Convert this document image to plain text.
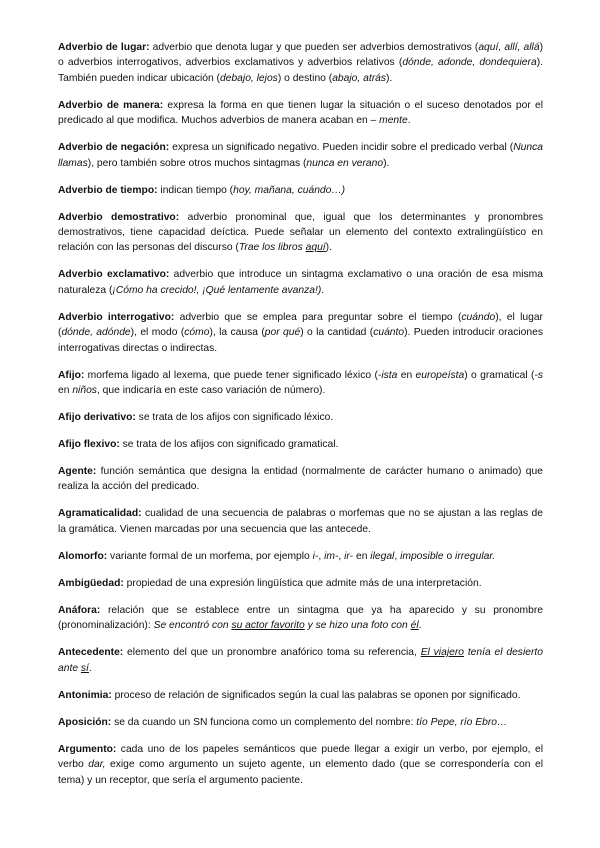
Adverbio de lugar: adverbio que denota lugar y que pueden ser adverbios demostrativos (aquí, allí, allá) o adverbios interrogativos, adverbios exclamativos y adverbios relativos (dónde, adonde, dondequiera). También pueden indicar ubicación (debajo, lejos) o destino (abajo, atrás).

Adverbio de manera: expresa la forma en que tienen lugar la situación o el suceso denotados por el predicado al que modifica. Muchos adverbios de manera acaban en – mente.

Adverbio de negación: expresa un significado negativo. Pueden incidir sobre el predicado verbal (Nunca llamas), pero también sobre otros muchos sintagmas (nunca en verano).

Adverbio de tiempo: indican tiempo (hoy, mañana, cuándo…)

Adverbio demostrativo: adverbio pronominal que, igual que los determinantes y pronombres demostrativos, tiene capacidad deíctica. Puede señalar un elemento del contexto extralingüístico en relación con las personas del discurso (Trae los libros aquí).

Adverbio exclamativo: adverbio que introduce un sintagma exclamativo o una oración de esa misma naturaleza (¡Cómo ha crecido!, ¡Qué lentamente avanza!).

Adverbio interrogativo: adverbio que se emplea para preguntar sobre el tiempo (cuándo), el lugar (dónde, adónde), el modo (cómo), la causa (por qué) o la cantidad (cuánto). Pueden introducir oraciones interrogativas directas o indirectas.

Afijo: morfema ligado al lexema, que puede tener significado léxico (-ista en europeísta) o gramatical (-s en niños, que indicaría en este caso variación de número).

Afijo derivativo: se trata de los afijos con significado léxico.

Afijo flexivo: se trata de los afijos con significado gramatical.

Agente: función semántica que designa la entidad (normalmente de carácter humano o animado) que realiza la acción del predicado.

Agramaticalidad: cualidad de una secuencia de palabras o morfemas que no se ajustan a las reglas de la gramática. Vienen marcadas por una secuencia que las antecede.

Alomorfo: variante formal de un morfema, por ejemplo i-, im-, ir- en ilegal, imposible o irregular.

Ambigüedad: propiedad de una expresión lingüística que admite más de una interpretación.

Anáfora: relación que se establece entre un sintagma que ya ha aparecido y su pronombre (pronominalización): Se encontró con su actor favorito y se hizo una foto con él.

Antecedente: elemento del que un pronombre anafórico toma su referencia, El viajero tenía el desierto ante sí.

Antonimia: proceso de relación de significados según la cual las palabras se oponen por significado.

Aposición: se da cuando un SN funciona como un complemento del nombre: tío Pepe, río Ebro…

Argumento: cada uno de los papeles semánticos que puede llegar a exigir un verbo, por ejemplo, el verbo dar, exige como argumento un sujeto agente, un elemento dado (que se correspondería con el tema) y un receptor, que sería el argumento paciente.
